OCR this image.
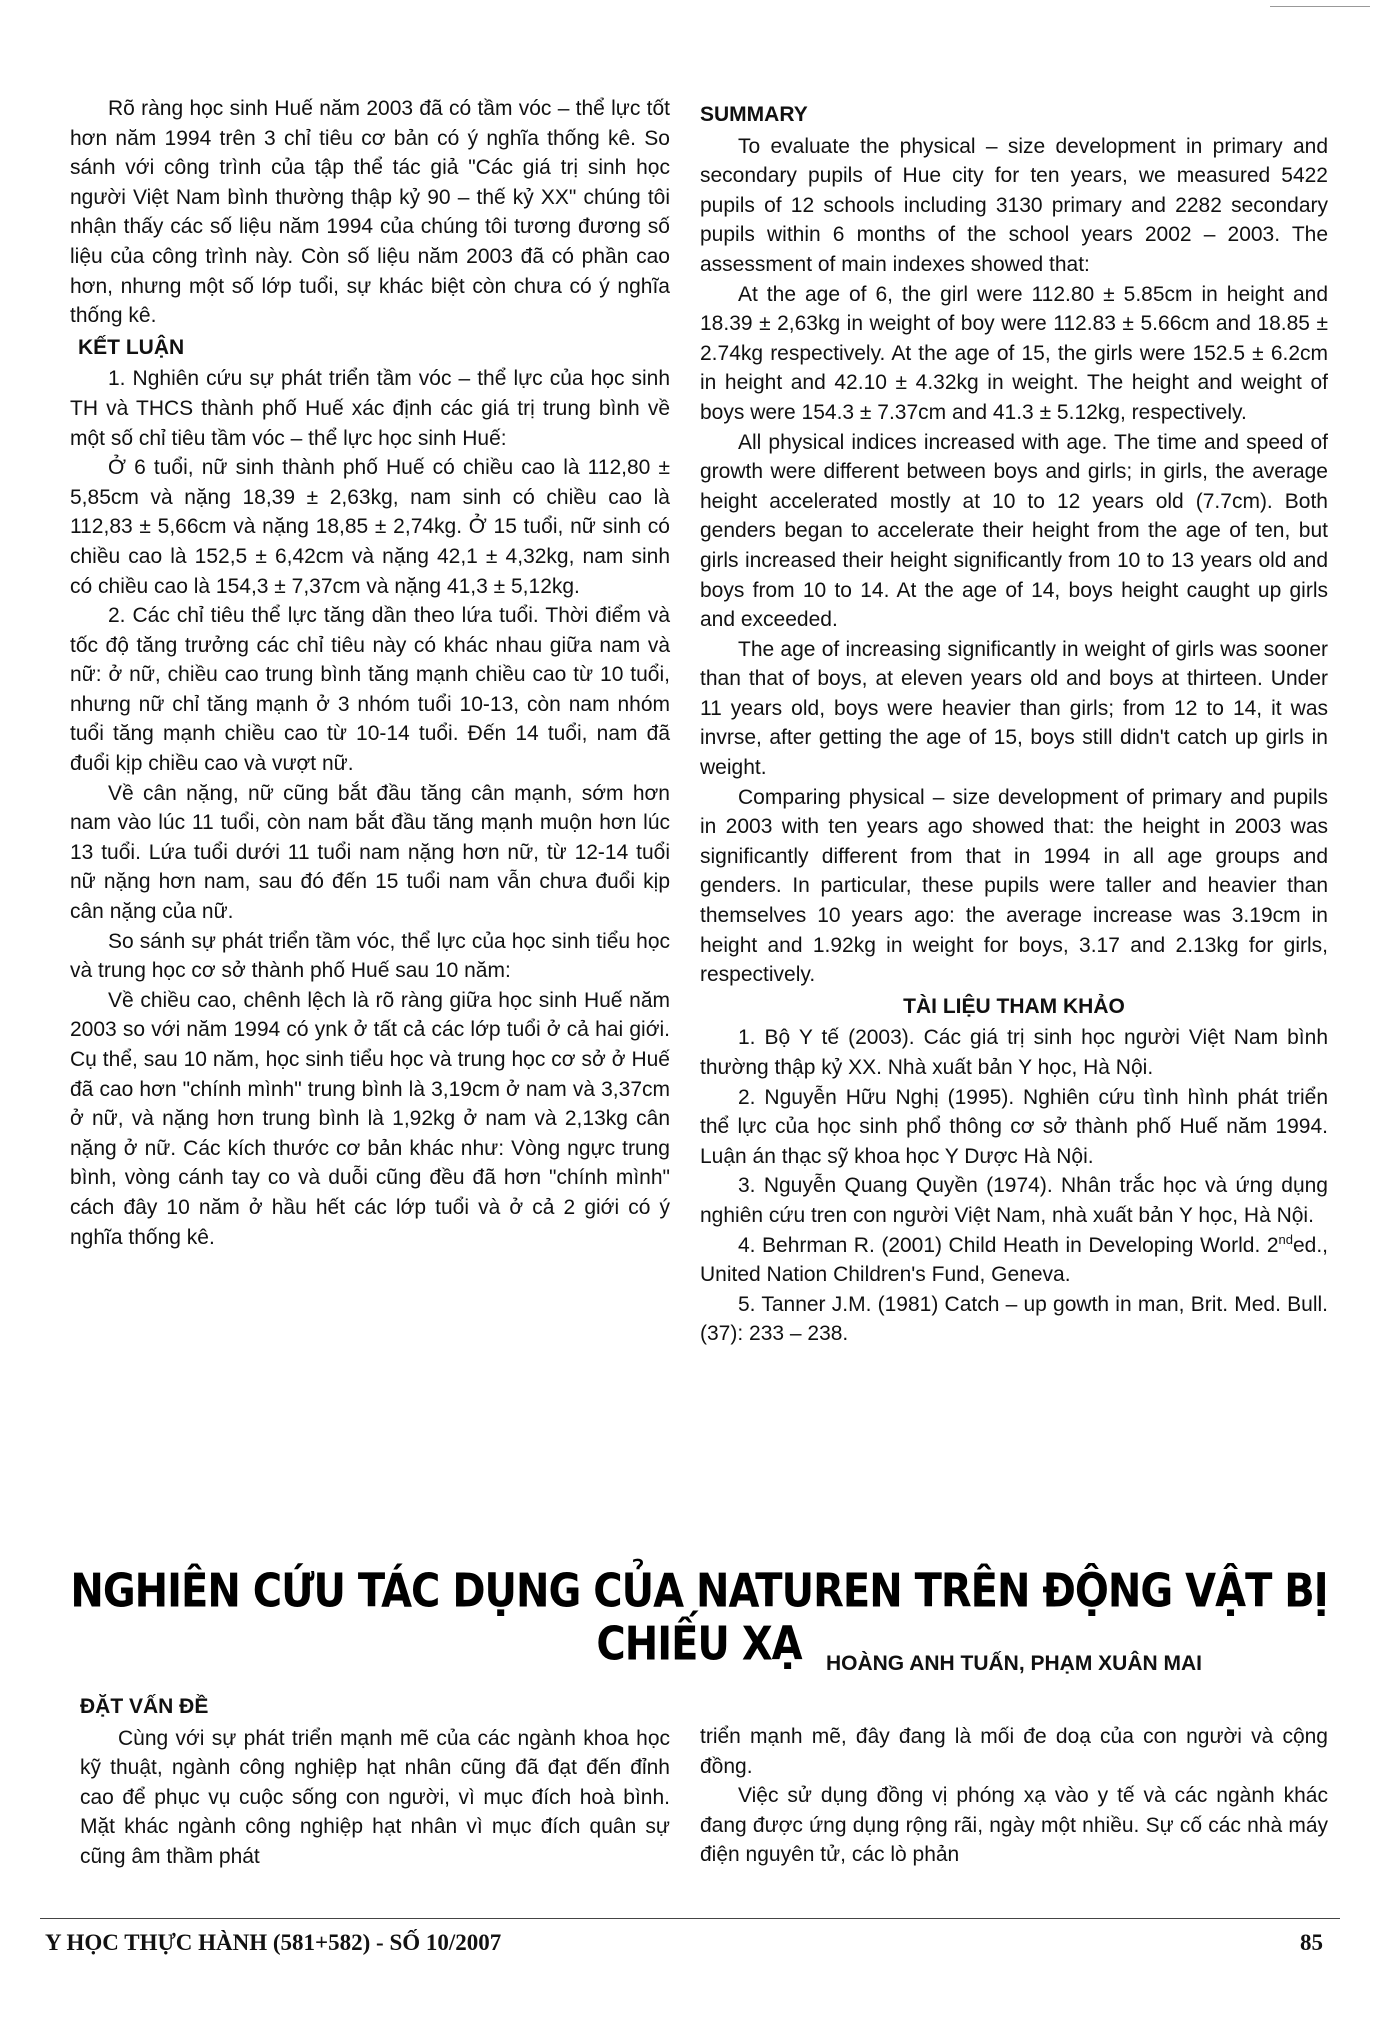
Rõ ràng học sinh Huế năm 2003 đã có tầm vóc – thể lực tốt hơn năm 1994 trên 3 chỉ tiêu cơ bản có ý nghĩa thống kê. So sánh với công trình của tập thể tác giả "Các giá trị sinh học người Việt Nam bình thường thập kỷ 90 – thế kỷ XX" chúng tôi nhận thấy các số liệu năm 1994 của chúng tôi tương đương số liệu của công trình này. Còn số liệu năm 2003 đã có phần cao hơn, nhưng một số lớp tuổi, sự khác biệt còn chưa có ý nghĩa thống kê.

KẾT LUẬN

1. Nghiên cứu sự phát triển tầm vóc – thể lực của học sinh TH và THCS thành phố Huế xác định các giá trị trung bình về một số chỉ tiêu tầm vóc – thể lực học sinh Huế:

Ở 6 tuổi, nữ sinh thành phố Huế có chiều cao là 112,80 ± 5,85cm và nặng 18,39 ± 2,63kg, nam sinh có chiều cao là 112,83 ± 5,66cm và nặng 18,85 ± 2,74kg. Ở 15 tuổi, nữ sinh có chiều cao là 152,5 ± 6,42cm và nặng 42,1 ± 4,32kg, nam sinh có chiều cao là 154,3 ± 7,37cm và nặng 41,3 ± 5,12kg.

2. Các chỉ tiêu thể lực tăng dần theo lứa tuổi. Thời điểm và tốc độ tăng trưởng các chỉ tiêu này có khác nhau giữa nam và nữ: ở nữ, chiều cao trung bình tăng mạnh chiều cao từ 10 tuổi, nhưng nữ chỉ tăng mạnh ở 3 nhóm tuổi 10-13, còn nam nhóm tuổi tăng mạnh chiều cao từ 10-14 tuổi. Đến 14 tuổi, nam đã đuổi kịp chiều cao và vượt nữ.

Về cân nặng, nữ cũng bắt đầu tăng cân mạnh, sớm hơn nam vào lúc 11 tuổi, còn nam bắt đầu tăng mạnh muộn hơn lúc 13 tuổi. Lứa tuổi dưới 11 tuổi nam nặng hơn nữ, từ 12-14 tuổi nữ nặng hơn nam, sau đó đến 15 tuổi nam vẫn chưa đuổi kịp cân nặng của nữ.

So sánh sự phát triển tầm vóc, thể lực của học sinh tiểu học và trung học cơ sở thành phố Huế sau 10 năm:

Về chiều cao, chênh lệch là rõ ràng giữa học sinh Huế năm 2003 so với năm 1994 có ynk ở tất cả các lớp tuổi ở cả hai giới. Cụ thể, sau 10 năm, học sinh tiểu học và trung học cơ sở ở Huế đã cao hơn "chính mình" trung bình là 3,19cm ở nam và 3,37cm ở nữ, và nặng hơn trung bình là 1,92kg ở nam và 2,13kg cân nặng ở nữ. Các kích thước cơ bản khác như: Vòng ngực trung bình, vòng cánh tay co và duỗi cũng đều đã hơn "chính mình" cách đây 10 năm ở hầu hết các lớp tuổi và ở cả 2 giới có ý nghĩa thống kê.

SUMMARY

To evaluate the physical – size development in primary and secondary pupils of Hue city for ten years, we measured 5422 pupils of 12 schools including 3130 primary and 2282 secondary pupils within 6 months of the school years 2002 – 2003. The assessment of main indexes showed that:

At the age of 6, the girl were 112.80 ± 5.85cm in height and 18.39 ± 2,63kg in weight of boy were 112.83 ± 5.66cm and 18.85 ± 2.74kg respectively. At the age of 15, the girls were 152.5 ± 6.2cm in height and 42.10 ± 4.32kg in weight. The height and weight of boys were 154.3 ± 7.37cm and 41.3 ± 5.12kg, respectively.

All physical indices increased with age. The time and speed of growth were different between boys and girls; in girls, the average height accelerated mostly at 10 to 12 years old (7.7cm). Both genders began to accelerate their height from the age of ten, but girls increased their height significantly from 10 to 13 years old and boys from 10 to 14. At the age of 14, boys height caught up girls and exceeded.

The age of increasing significantly in weight of girls was sooner than that of boys, at eleven years old and boys at thirteen. Under 11 years old, boys were heavier than girls; from 12 to 14, it was invrse, after getting the age of 15, boys still didn't catch up girls in weight.

Comparing physical – size development of primary and pupils in 2003 with ten years ago showed that: the height in 2003 was significantly different from that in 1994 in all age groups and genders. In particular, these pupils were taller and heavier than themselves 10 years ago: the average increase was 3.19cm in height and 1.92kg in weight for boys, 3.17 and 2.13kg for girls, respectively.

TÀI LIỆU THAM KHẢO

1. Bộ Y tế (2003). Các giá trị sinh học người Việt Nam bình thường thập kỷ XX. Nhà xuất bản Y học, Hà Nội.

2. Nguyễn Hữu Nghị (1995). Nghiên cứu tình hình phát triển thể lực của học sinh phổ thông cơ sở thành phố Huế năm 1994. Luận án thạc sỹ khoa học Y Dược Hà Nội.

3. Nguyễn Quang Quyền (1974). Nhân trắc học và ứng dụng nghiên cứu tren con người Việt Nam, nhà xuất bản Y học, Hà Nội.

4. Behrman R. (2001) Child Heath in Developing World. 2nded., United Nation Children's Fund, Geneva.

5. Tanner J.M. (1981) Catch – up gowth in man, Brit. Med. Bull. (37): 233 – 238.

NGHIÊN CỨU TÁC DỤNG CỦA NATUREN TRÊN ĐỘNG VẬT BỊ CHIẾU XẠ	HOÀNG ANH TUẤN, PHẠM XUÂN MAI
ĐẶT VẤN ĐỀ

Cùng với sự phát triển mạnh mẽ của các ngành khoa học kỹ thuật, ngành công nghiệp hạt nhân cũng đã đạt đến đỉnh cao để phục vụ cuộc sống con người, vì mục đích hoà bình. Mặt khác ngành công nghiệp hạt nhân vì mục đích quân sự cũng âm thầm phát

triển mạnh mẽ, đây đang là mối đe doạ của con người và cộng đồng.

Việc sử dụng đồng vị phóng xạ vào y tế và các ngành khác đang được ứng dụng rộng rãi, ngày một nhiều. Sự cố các nhà máy điện nguyên tử, các lò phản

Y HỌC THỰC HÀNH (581+582) - SỐ 10/2007	85
